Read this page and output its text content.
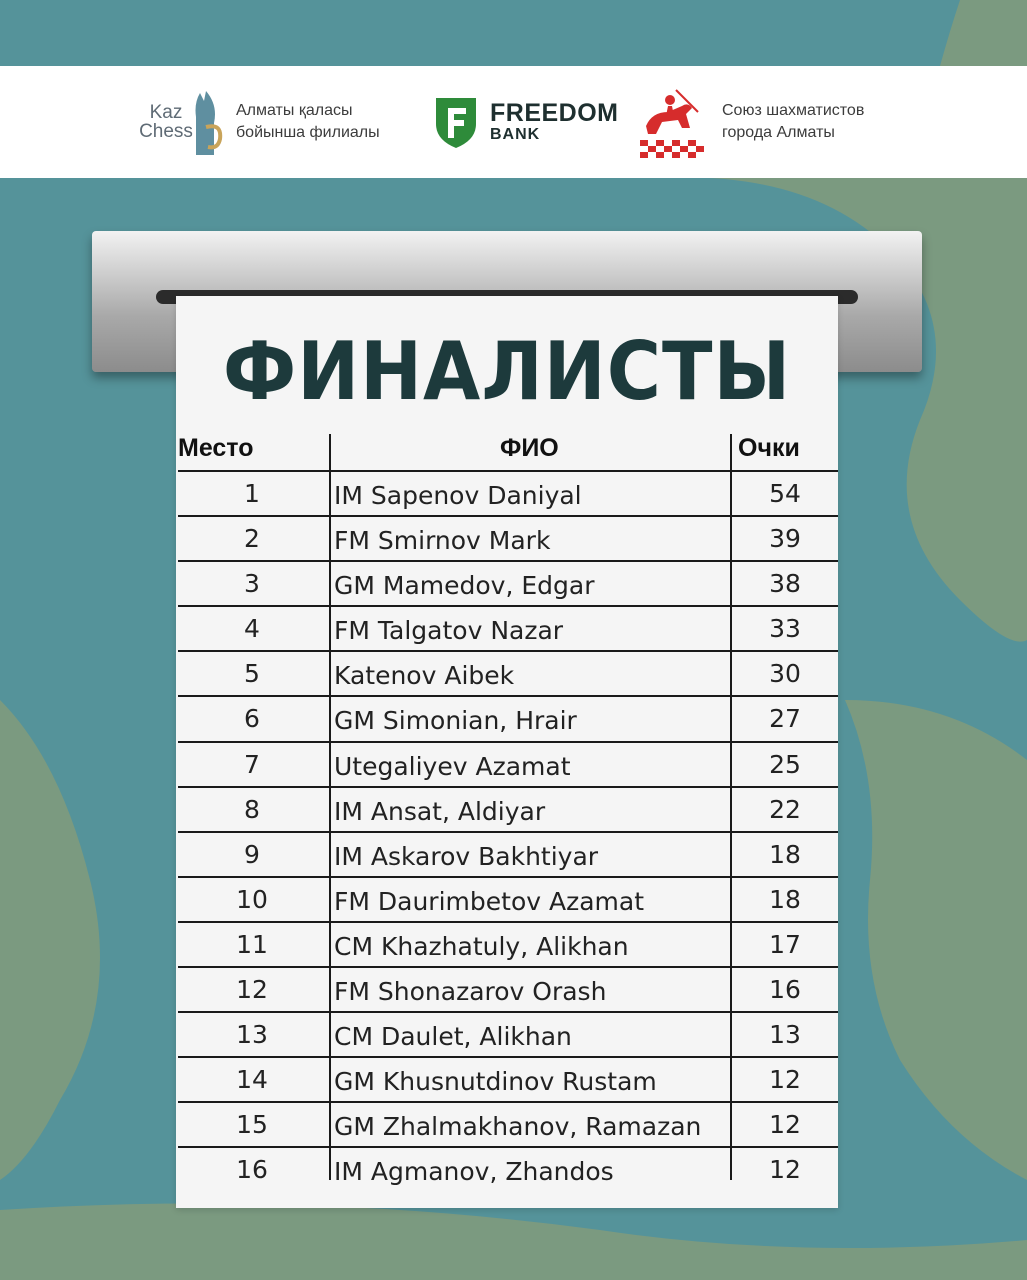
Kaz
Chess
Алматы қаласы
бойынша филиалы
FREEDOM
BANK
Союз шахматистов
города Алматы
ФИНАЛИСТЫ
Место	ФИО	Очки
1	IM Sapenov Daniyal	54
2	FM Smirnov Mark	39
3	GM Mamedov, Edgar	38
4	FM Talgatov Nazar	33
5	Katenov Aibek	30
6	GM Simonian, Hrair	27
7	Utegaliyev Azamat	25
8	IM Ansat, Aldiyar	22
9	IM Askarov Bakhtiyar	18
10	FM Daurimbetov Azamat	18
11	CM Khazhatuly, Alikhan	17
12	FM Shonazarov Orash	16
13	CM Daulet, Alikhan	13
14	GM Khusnutdinov Rustam	12
15	GM Zhalmakhanov, Ramazan	12
16	IM Agmanov, Zhandos	12
